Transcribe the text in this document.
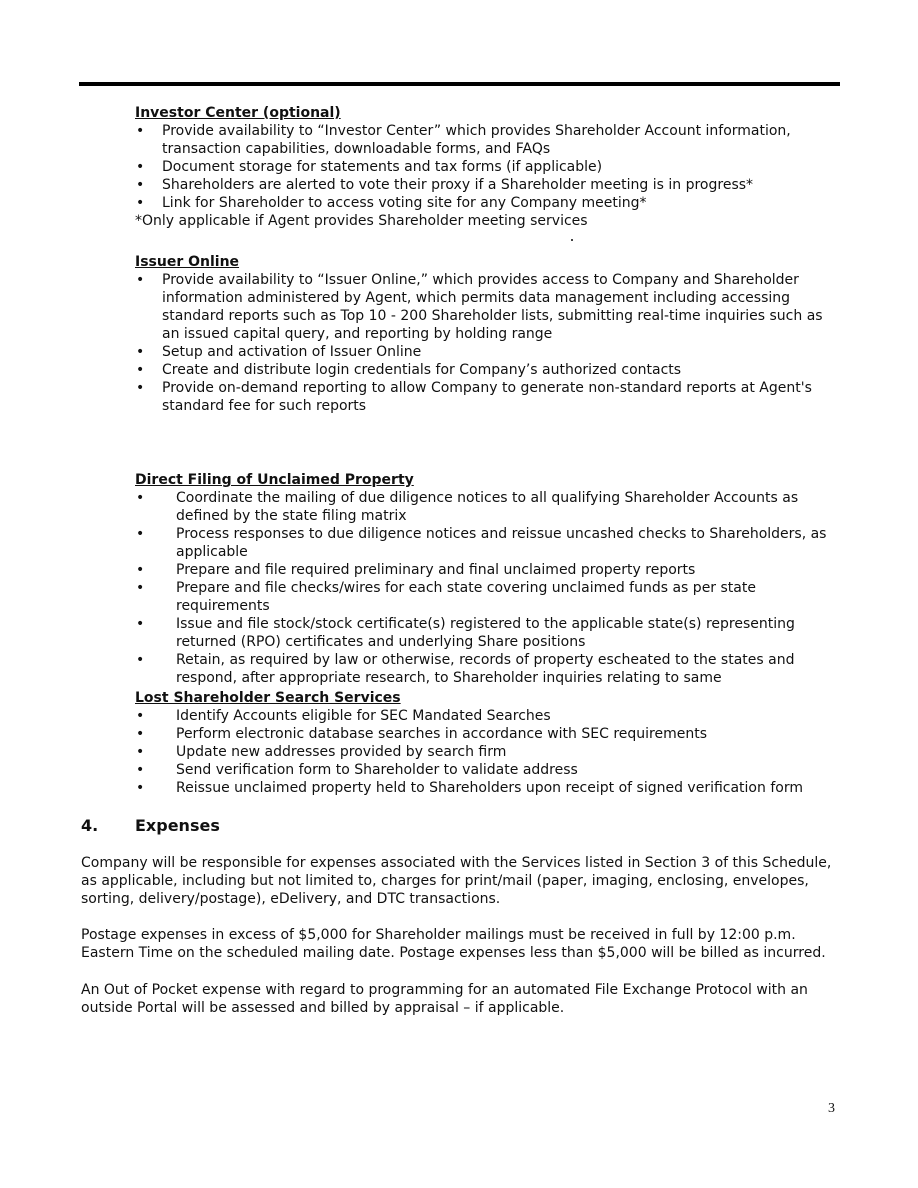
Investor Center (optional)

• Provide availability to “Investor Center” which provides Shareholder Account information, transaction capabilities, downloadable forms, and FAQs
• Document storage for statements and tax forms (if applicable)
• Shareholders are alerted to vote their proxy if a Shareholder meeting is in progress*
• Link for Shareholder to access voting site for any Company meeting*

*Only applicable if Agent provides Shareholder meeting services

Issuer Online

• Provide availability to “Issuer Online,” which provides access to Company and Shareholder information administered by Agent, which permits data management including accessing standard reports such as Top 10 - 200 Shareholder lists, submitting real-time inquiries such as an issued capital query, and reporting by holding range
• Setup and activation of Issuer Online
• Create and distribute login credentials for Company’s authorized contacts
• Provide on-demand reporting to allow Company to generate non-standard reports at Agent's standard fee for such reports

Direct Filing of Unclaimed Property

• Coordinate the mailing of due diligence notices to all qualifying Shareholder Accounts as defined by the state filing matrix
• Process responses to due diligence notices and reissue uncashed checks to Shareholders, as applicable
• Prepare and file required preliminary and final unclaimed property reports
• Prepare and file checks/wires for each state covering unclaimed funds as per state requirements
• Issue and file stock/stock certificate(s) registered to the applicable state(s) representing returned (RPO) certificates and underlying Share positions
• Retain, as required by law or otherwise, records of property escheated to the states and respond, after appropriate research, to Shareholder inquiries relating to same

Lost Shareholder Search Services

• Identify Accounts eligible for SEC Mandated Searches
• Perform electronic database searches in accordance with SEC requirements
• Update new addresses provided by search firm
• Send verification form to Shareholder to validate address
• Reissue unclaimed property held to Shareholders upon receipt of signed verification form
4. Expenses

Company will be responsible for expenses associated with the Services listed in Section 3 of this Schedule, as applicable, including but not limited to, charges for print/mail (paper, imaging, enclosing, envelopes, sorting, delivery/postage), eDelivery, and DTC transactions.

Postage expenses in excess of $5,000 for Shareholder mailings must be received in full by 12:00 p.m. Eastern Time on the scheduled mailing date. Postage expenses less than $5,000 will be billed as incurred.

An Out of Pocket expense with regard to programming for an automated File Exchange Protocol with an outside Portal will be assessed and billed by appraisal – if applicable.

3
